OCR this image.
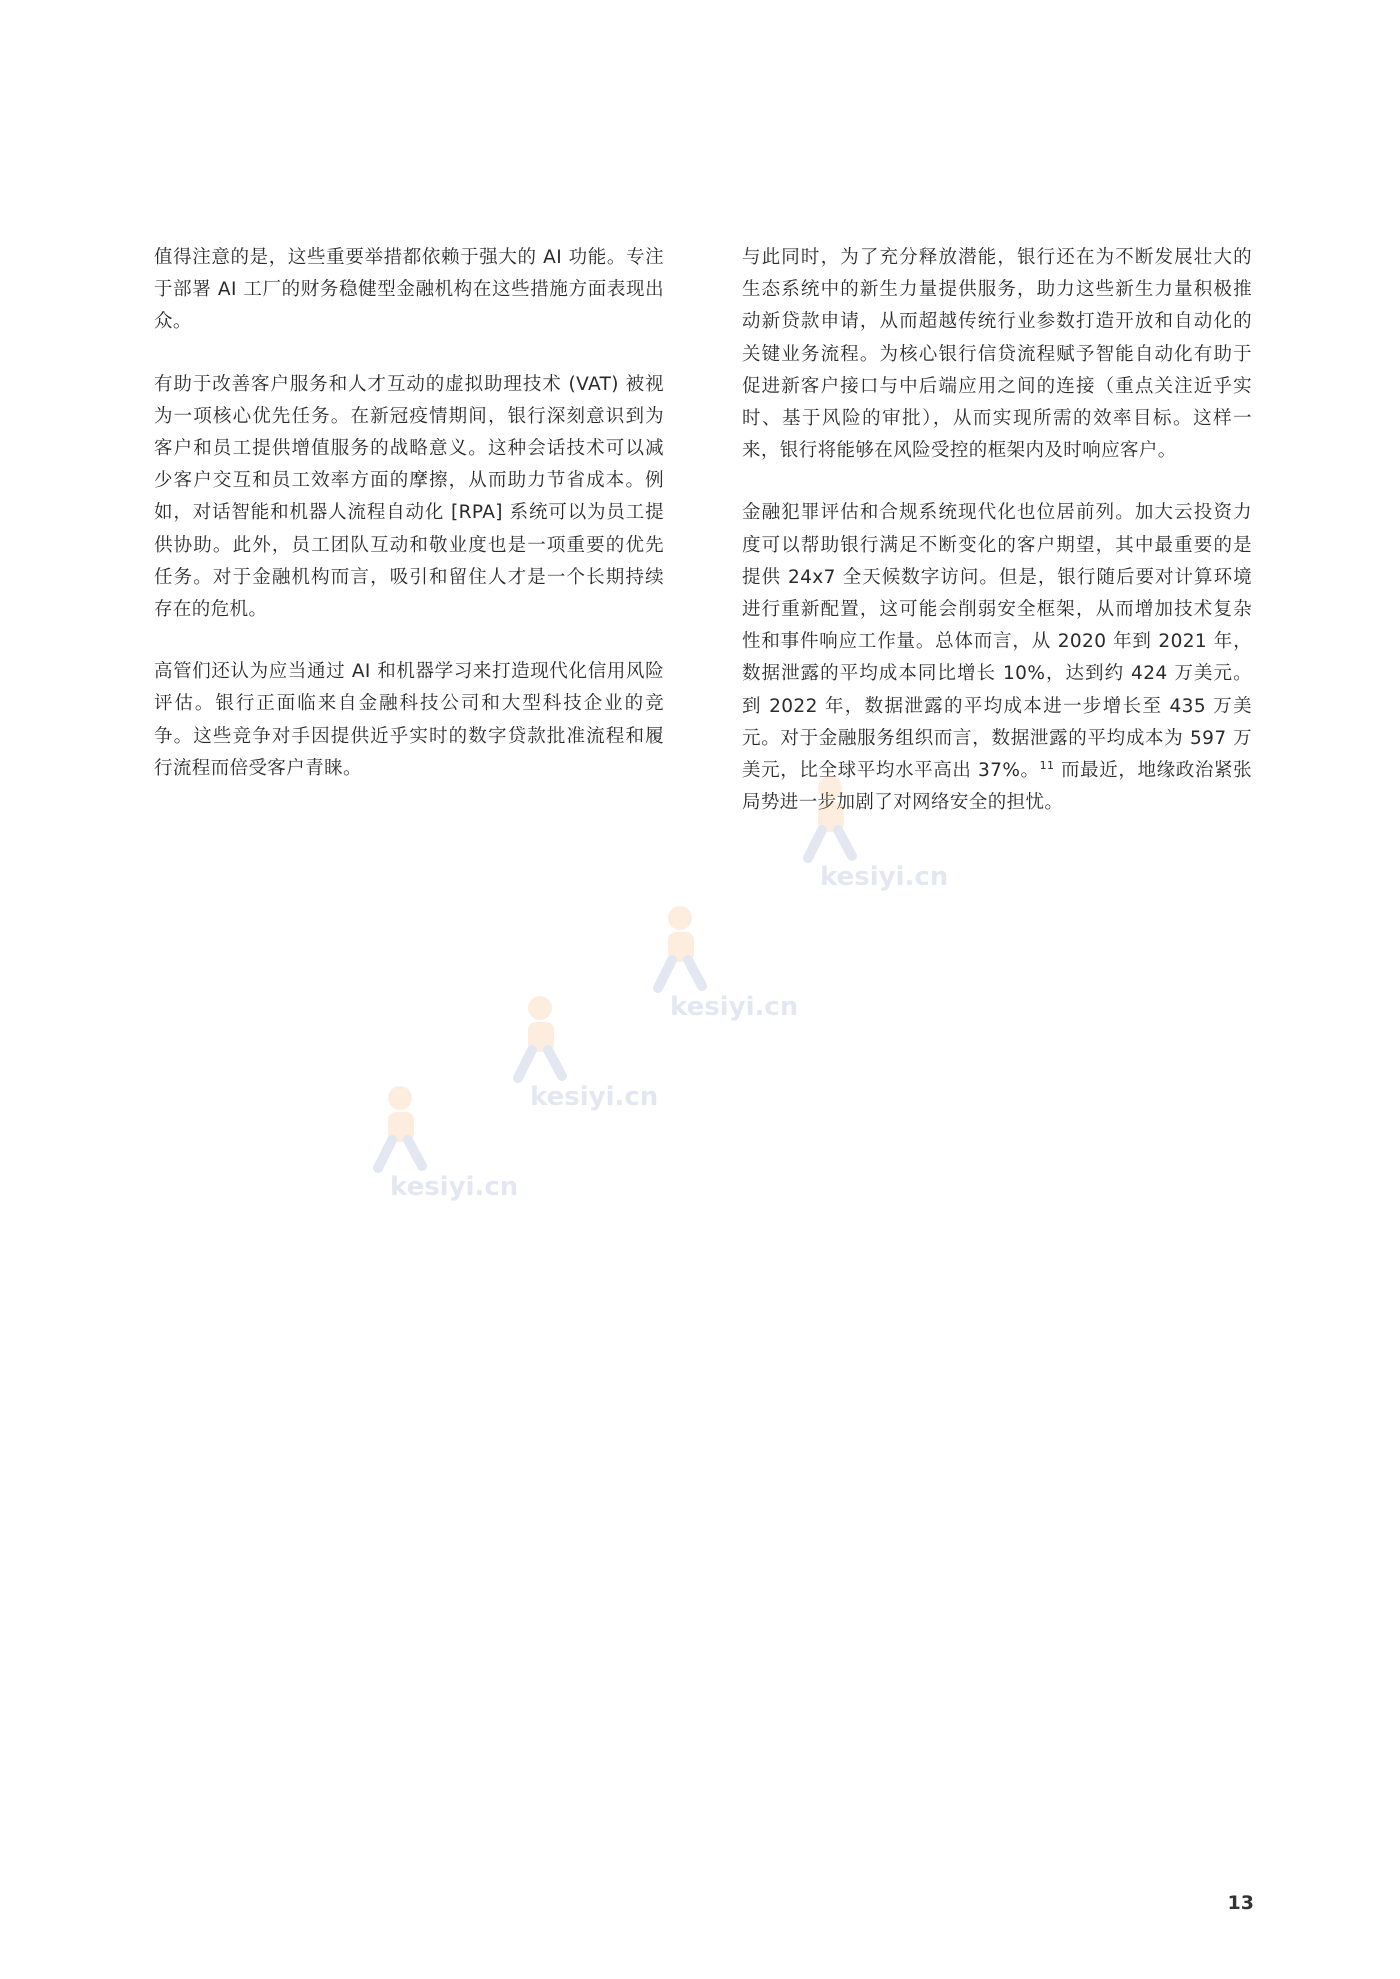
值得注意的是，这些重要举措都依赖于强大的 AI 功能。专注于部署 AI 工厂的财务稳健型金融机构在这些措施方面表现出众。

有助于改善客户服务和人才互动的虚拟助理技术 (VAT) 被视为一项核心优先任务。在新冠疫情期间，银行深刻意识到为客户和员工提供增值服务的战略意义。这种会话技术可以减少客户交互和员工效率方面的摩擦，从而助力节省成本。例如，对话智能和机器人流程自动化 [RPA] 系统可以为员工提供协助。此外，员工团队互动和敬业度也是一项重要的优先任务。对于金融机构而言，吸引和留住人才是一个长期持续存在的危机。

高管们还认为应当通过 AI 和机器学习来打造现代化信用风险评估。银行正面临来自金融科技公司和大型科技企业的竞争。这些竞争对手因提供近乎实时的数字贷款批准流程和履行流程而倍受客户青睐。

与此同时，为了充分释放潜能，银行还在为不断发展壮大的生态系统中的新生力量提供服务，助力这些新生力量积极推动新贷款申请，从而超越传统行业参数打造开放和自动化的关键业务流程。为核心银行信贷流程赋予智能自动化有助于促进新客户接口与中后端应用之间的连接（重点关注近乎实时、基于风险的审批），从而实现所需的效率目标。这样一来，银行将能够在风险受控的框架内及时响应客户。

金融犯罪评估和合规系统现代化也位居前列。加大云投资力度可以帮助银行满足不断变化的客户期望，其中最重要的是提供 24x7 全天候数字访问。但是，银行随后要对计算环境进行重新配置，这可能会削弱安全框架，从而增加技术复杂性和事件响应工作量。总体而言，从 2020 年到 2021 年，数据泄露的平均成本同比增长 10%，达到约 424 万美元。到 2022 年，数据泄露的平均成本进一步增长至 435 万美元。对于金融服务组织而言，数据泄露的平均成本为 597 万美元，比全球平均水平高出 37%。$^{11}$ 而最近，地缘政治紧张局势进一步加剧了对网络安全的担忧。

kesiyi.cn
kesiyi.cn
kesiyi.cn
kesiyi.cn
13
